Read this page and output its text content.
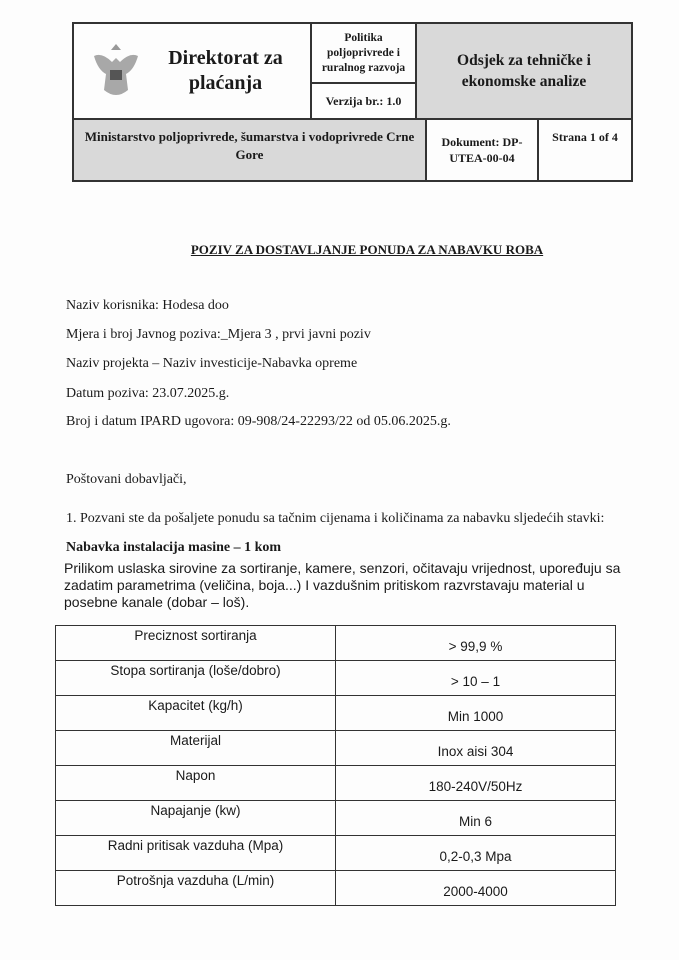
Direktorat za plaćanja
Politika poljoprivrede i ruralnog razvoja
Verzija br.: 1.0
Odsjek za tehničke i ekonomske analize
Ministarstvo poljoprivrede, šumarstva i vodoprivrede Crne Gore
Dokument: DP-UTEA-00-04
Strana 1 of 4
POZIV ZA DOSTAVLJANJE PONUDA ZA NABAVKU ROBA
Naziv korisnika: Hodesa doo
Mjera i broj Javnog poziva:_Mjera 3 , prvi javni poziv
Naziv projekta – Naziv investicije-Nabavka opreme
Datum poziva: 23.07.2025.g.
Broj i datum IPARD ugovora: 09-908/24-22293/22 od 05.06.2025.g.
Poštovani dobavljači,
1. Pozvani ste da pošaljete ponudu sa tačnim cijenama i količinama za nabavku sljedećih stavki:
Nabavka instalacija masine – 1 kom
Prilikom uslaska sirovine za sortiranje, kamere, senzori, očitavaju vrijednost, upoređuju sa zadatim parametrima (veličina, boja...) I vazdušnim pritiskom razvrstavaju material u posebne kanale (dobar – loš).
Preciznost sortiranja	> 99,9 %
Stopa sortiranja (loše/dobro)	> 10 – 1
Kapacitet (kg/h)	Min 1000
Materijal	Inox aisi 304
Napon	180-240V/50Hz
Napajanje (kw)	Min 6
Radni pritisak vazduha (Mpa)	0,2-0,3 Mpa
Potrošnja vazduha (L/min)	2000-4000
